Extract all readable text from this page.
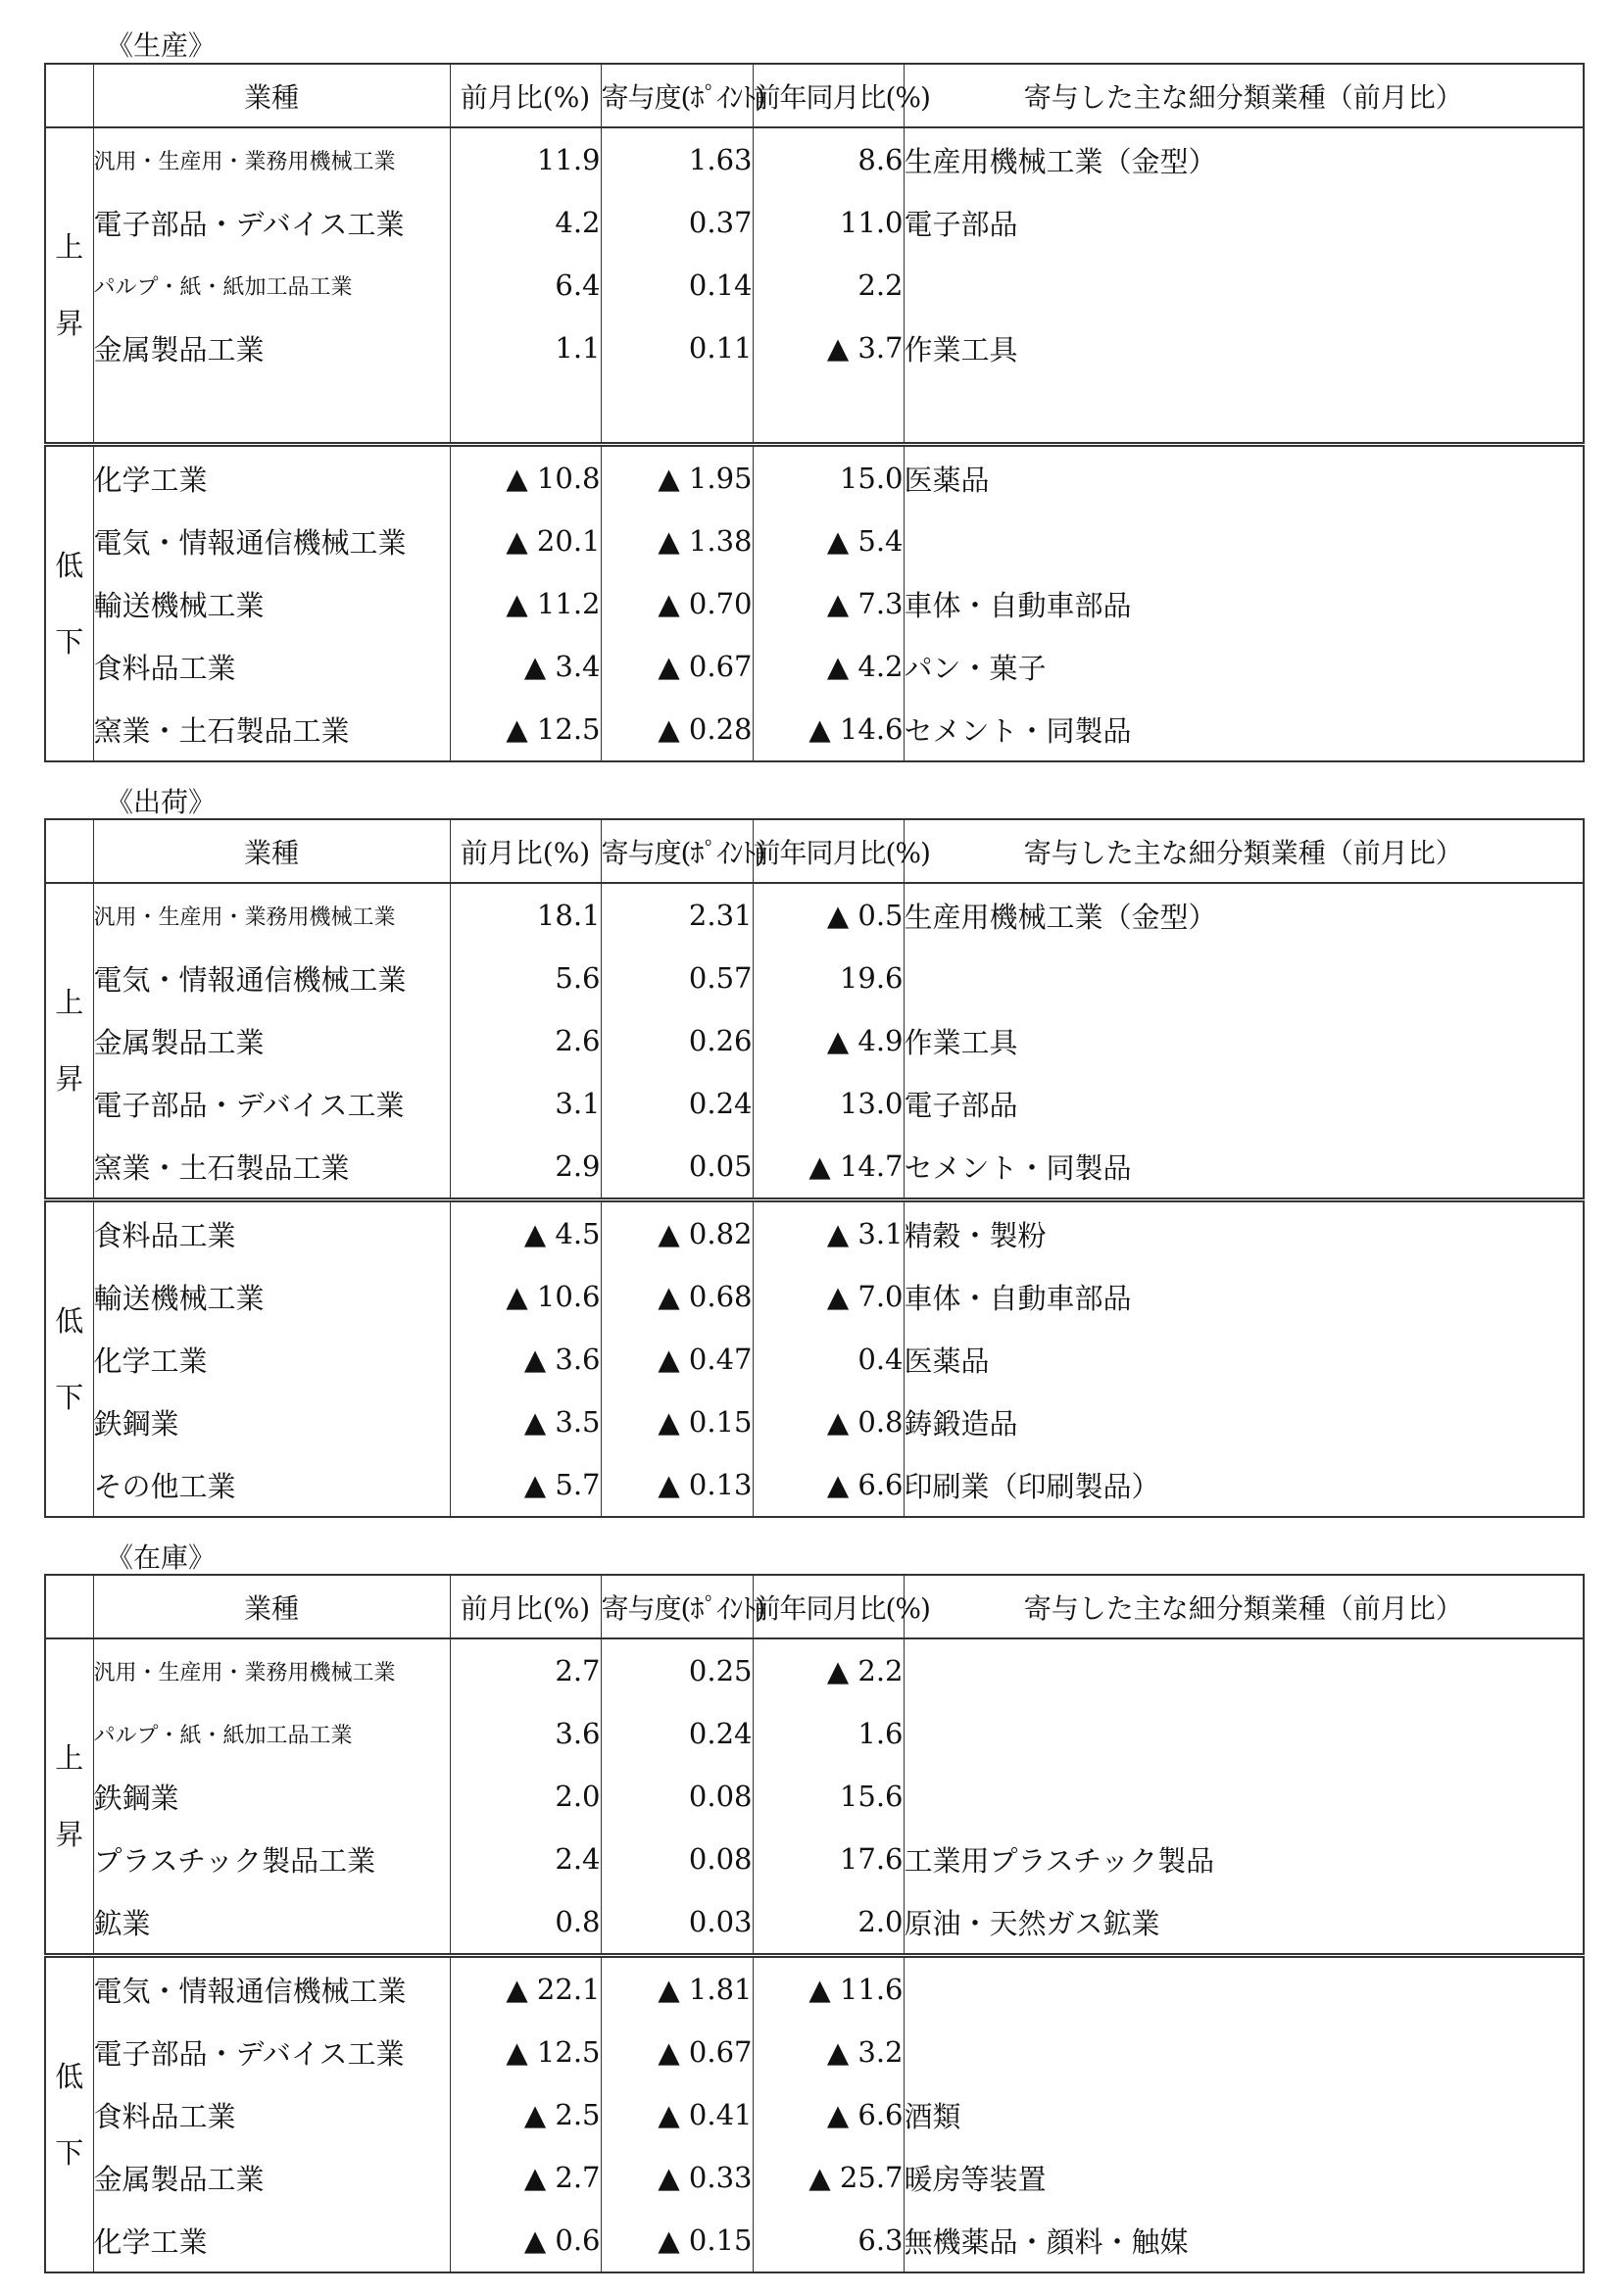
《生産》
	業種	前月比(%)	寄与度(ﾎﾟｲﾝﾄ)	前年同月比(%)	寄与した主な細分類業種（前月比）

上
昇	汎用・生産用・業務用機械工業	11.9	1.63	8.6	生産用機械工業（金型）
	電子部品・デバイス工業	4.2	0.37	11.0	電子部品
	パルプ・紙・紙加工品工業	6.4	0.14	2.2	
	金属製品工業	1.1	0.11	▲ 3.7	作業工具

低
下	化学工業	▲ 10.8	▲ 1.95	15.0	医薬品
	電気・情報通信機械工業	▲ 20.1	▲ 1.38	▲ 5.4	
	輸送機械工業	▲ 11.2	▲ 0.70	▲ 7.3	車体・自動車部品
	食料品工業	▲ 3.4	▲ 0.67	▲ 4.2	パン・菓子
	窯業・土石製品工業	▲ 12.5	▲ 0.28	▲ 14.6	セメント・同製品
《出荷》
	業種	前月比(%)	寄与度(ﾎﾟｲﾝﾄ)	前年同月比(%)	寄与した主な細分類業種（前月比）

上
昇	汎用・生産用・業務用機械工業	18.1	2.31	▲ 0.5	生産用機械工業（金型）
	電気・情報通信機械工業	5.6	0.57	19.6	
	金属製品工業	2.6	0.26	▲ 4.9	作業工具
	電子部品・デバイス工業	3.1	0.24	13.0	電子部品
	窯業・土石製品工業	2.9	0.05	▲ 14.7	セメント・同製品

低
下	食料品工業	▲ 4.5	▲ 0.82	▲ 3.1	精穀・製粉
	輸送機械工業	▲ 10.6	▲ 0.68	▲ 7.0	車体・自動車部品
	化学工業	▲ 3.6	▲ 0.47	0.4	医薬品
	鉄鋼業	▲ 3.5	▲ 0.15	▲ 0.8	鋳鍛造品
	その他工業	▲ 5.7	▲ 0.13	▲ 6.6	印刷業（印刷製品）
《在庫》
	業種	前月比(%)	寄与度(ﾎﾟｲﾝﾄ)	前年同月比(%)	寄与した主な細分類業種（前月比）

上
昇	汎用・生産用・業務用機械工業	2.7	0.25	▲ 2.2	
	パルプ・紙・紙加工品工業	3.6	0.24	1.6	
	鉄鋼業	2.0	0.08	15.6	
	プラスチック製品工業	2.4	0.08	17.6	工業用プラスチック製品
	鉱業	0.8	0.03	2.0	原油・天然ガス鉱業

低
下	電気・情報通信機械工業	▲ 22.1	▲ 1.81	▲ 11.6	
	電子部品・デバイス工業	▲ 12.5	▲ 0.67	▲ 3.2	
	食料品工業	▲ 2.5	▲ 0.41	▲ 6.6	酒類
	金属製品工業	▲ 2.7	▲ 0.33	▲ 25.7	暖房等装置
	化学工業	▲ 0.6	▲ 0.15	6.3	無機薬品・顔料・触媒
